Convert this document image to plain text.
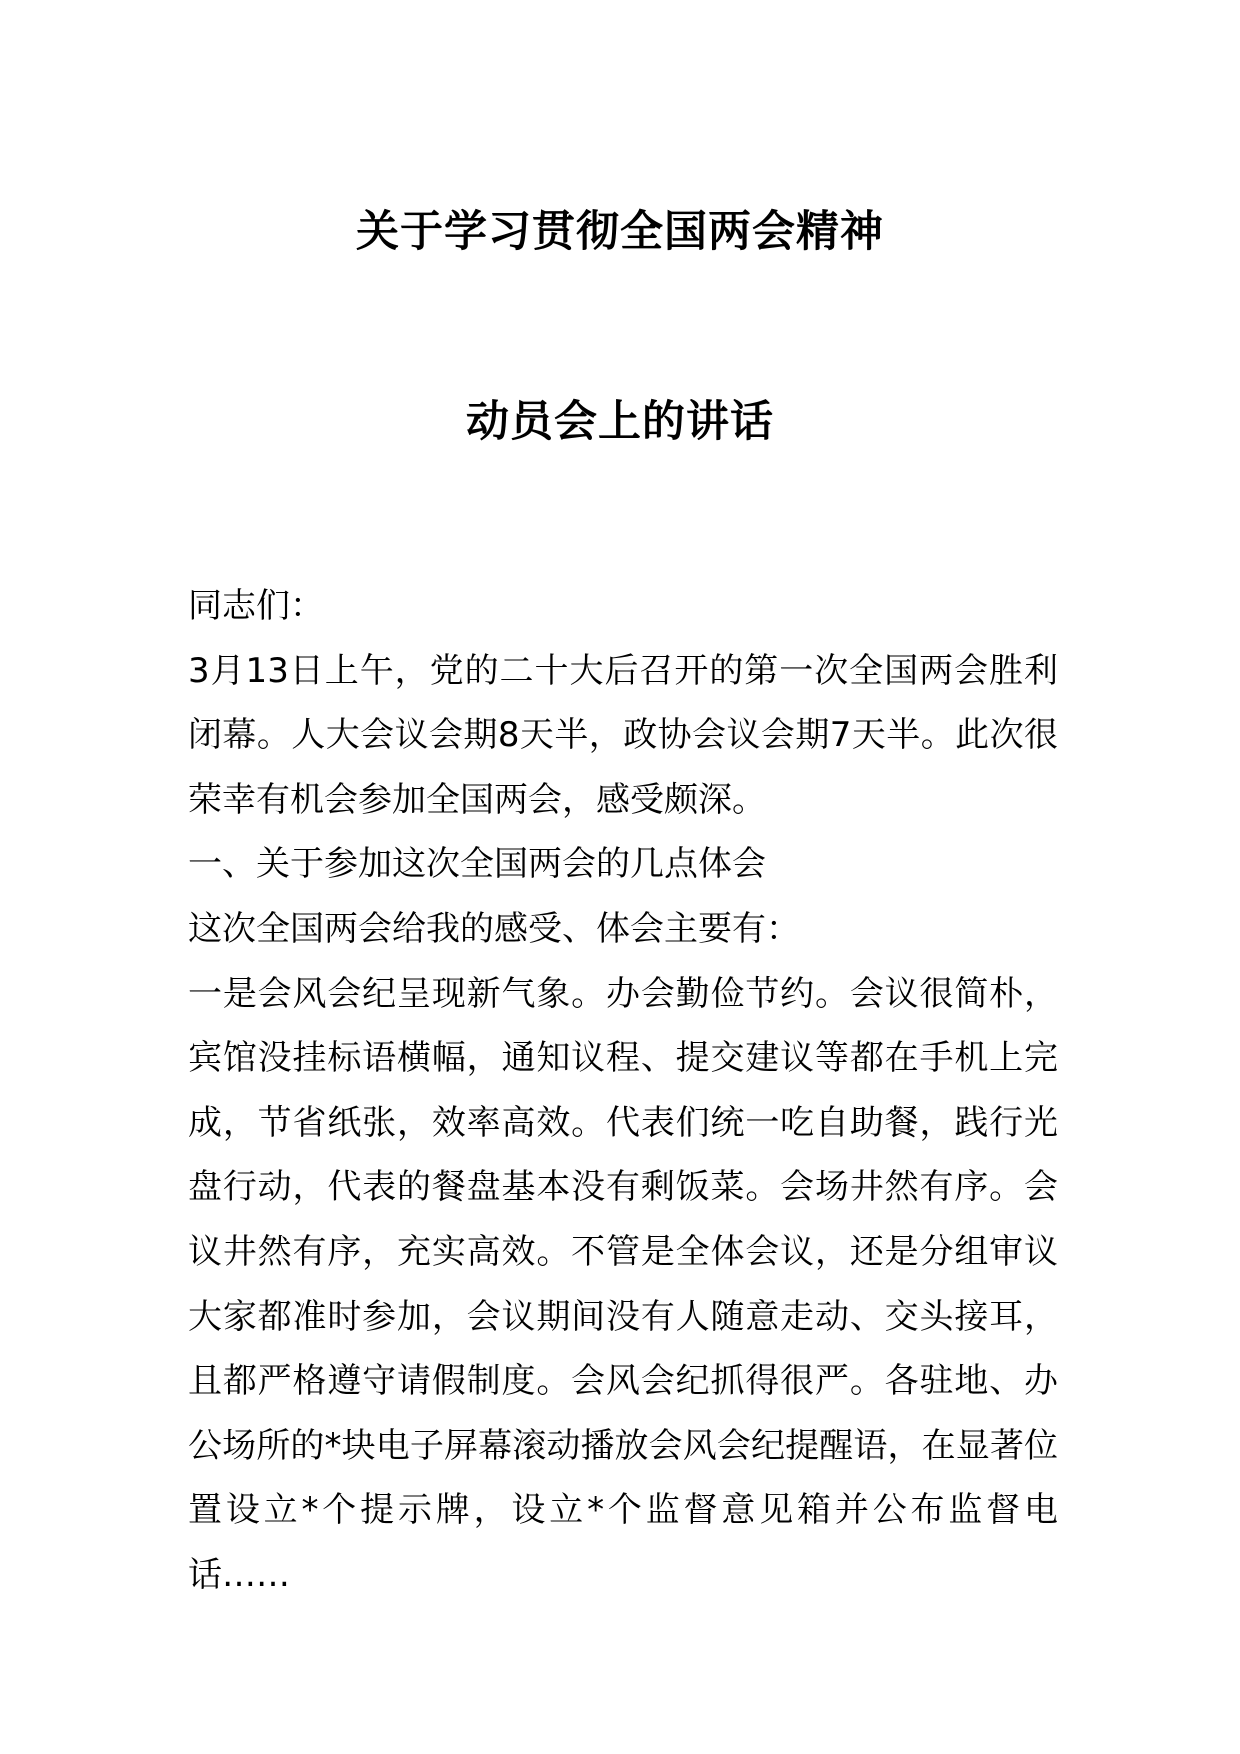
关于学习贯彻全国两会精神
动员会上的讲话

同志们：

3月13日上午，党的二十大后召开的第一次全国两会胜利闭幕。人大会议会期8天半，政协会议会期7天半。此次很荣幸有机会参加全国两会，感受颇深。

一、关于参加这次全国两会的几点体会

这次全国两会给我的感受、体会主要有：

一是会风会纪呈现新气象。办会勤俭节约。会议很简朴，宾馆没挂标语横幅，通知议程、提交建议等都在手机上完成，节省纸张，效率高效。代表们统一吃自助餐，践行光盘行动，代表的餐盘基本没有剩饭菜。会场井然有序。会议井然有序，充实高效。不管是全体会议，还是分组审议大家都准时参加，会议期间没有人随意走动、交头接耳，且都严格遵守请假制度。会风会纪抓得很严。各驻地、办公场所的*块电子屏幕滚动播放会风会纪提醒语，在显著位置设立*个提示牌，设立*个监督意见箱并公布监督电话……
